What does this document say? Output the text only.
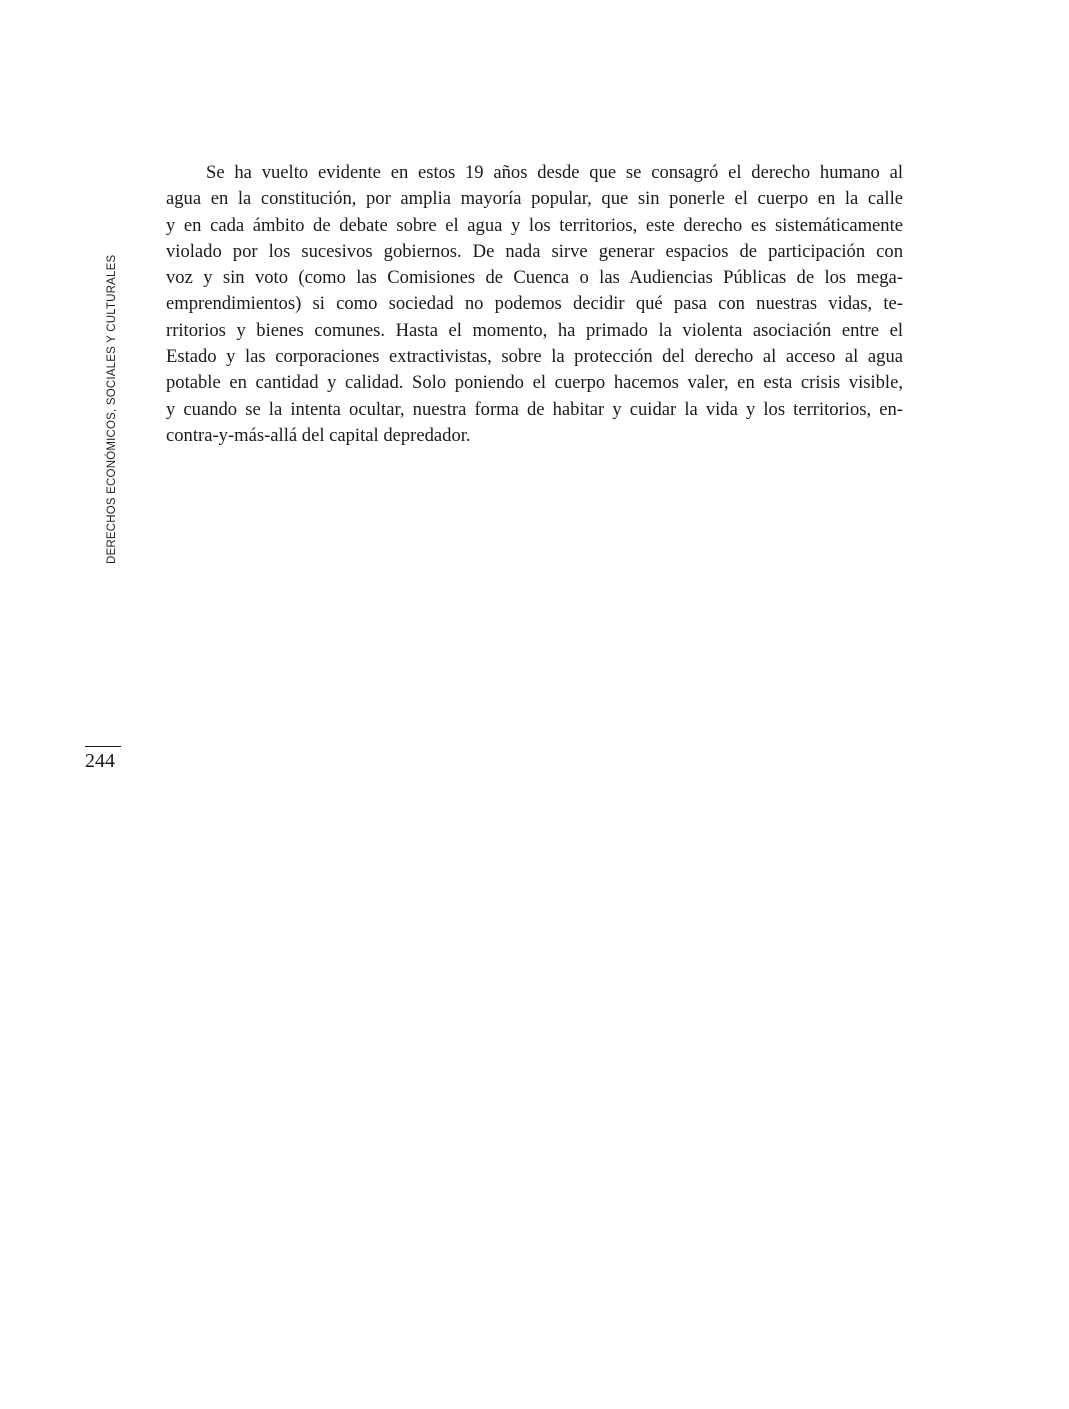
DERECHOS ECONÓMICOS, SOCIALES Y CULTURALES
Se ha vuelto evidente en estos 19 años desde que se consagró el derecho humano al
agua en la constitución, por amplia mayoría popular, que sin ponerle el cuerpo en la calle
y en cada ámbito de debate sobre el agua y los territorios, este derecho es sistemáticamente
violado por los sucesivos gobiernos. De nada sirve generar espacios de participación con
voz y sin voto (como las Comisiones de Cuenca o las Audiencias Públicas de los mega-
emprendimientos) si como sociedad no podemos decidir qué pasa con nuestras vidas, te-
rritorios y bienes comunes. Hasta el momento, ha primado la violenta asociación entre el
Estado y las corporaciones extractivistas, sobre la protección del derecho al acceso al agua
potable en cantidad y calidad. Solo poniendo el cuerpo hacemos valer, en esta crisis visible,
y cuando se la intenta ocultar, nuestra forma de habitar y cuidar la vida y los territorios, en-
contra-y-más-allá del capital depredador.
244
